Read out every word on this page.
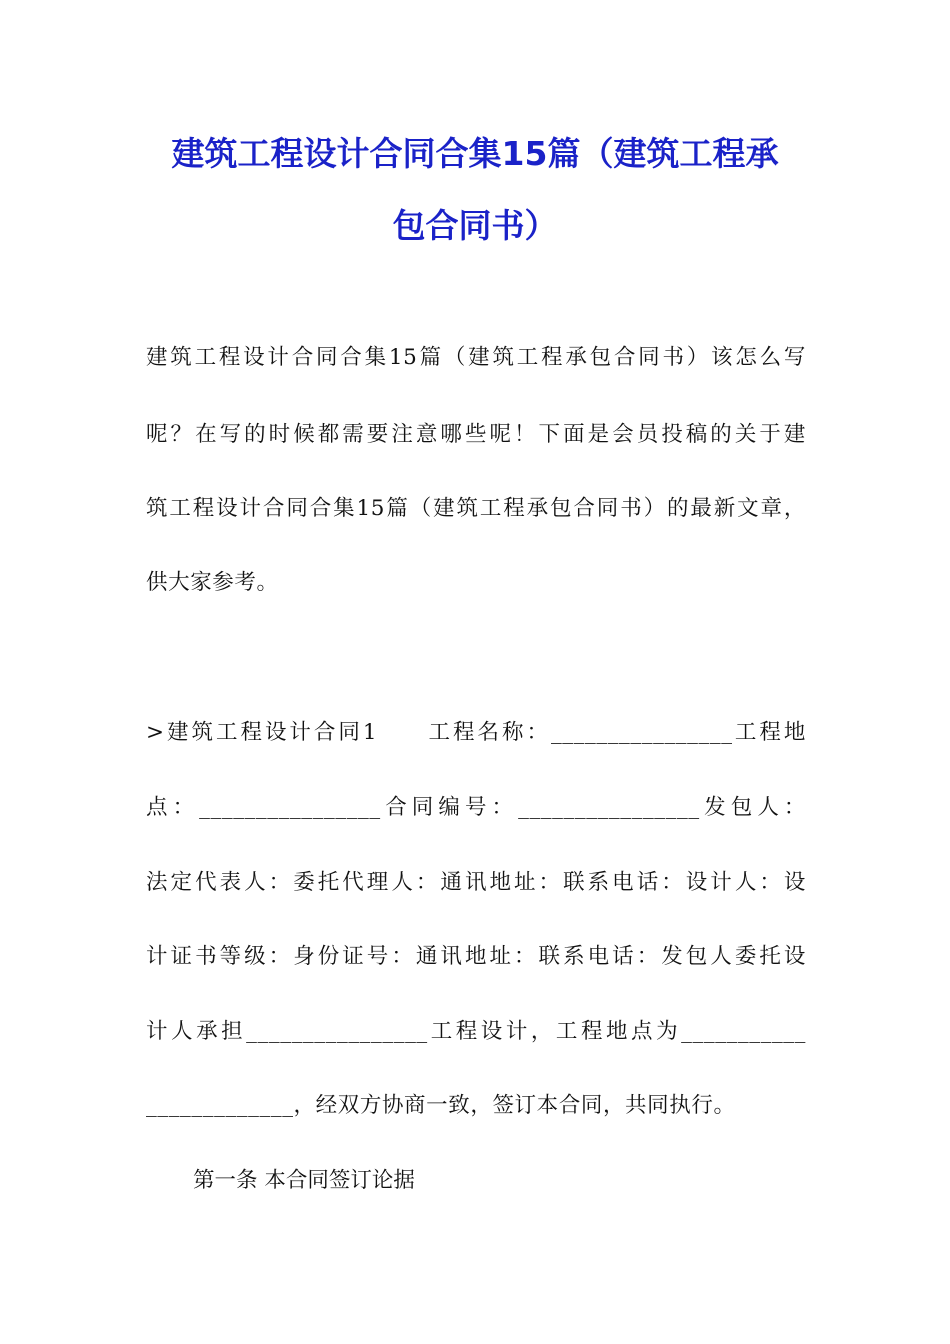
建筑工程设计合同合集15篇（建筑工程承
包合同书）
建筑工程设计合同合集15篇（建筑工程承包合同书）该怎么写
呢？在写的时候都需要注意哪些呢！下面是会员投稿的关于建
筑工程设计合同合集15篇（建筑工程承包合同书）的最新文章，
供大家参考。
>建筑工程设计合同1　　工程名称：________________工程地
点：________________合同编号：________________发包人：
法定代表人：委托代理人：通讯地址：联系电话：设计人：设
计证书等级：身份证号：通讯地址：联系电话：发包人委托设
计人承担________________工程设计，工程地点为___________
_____________，经双方协商一致，签订本合同，共同执行。
第一条 本合同签订论据
